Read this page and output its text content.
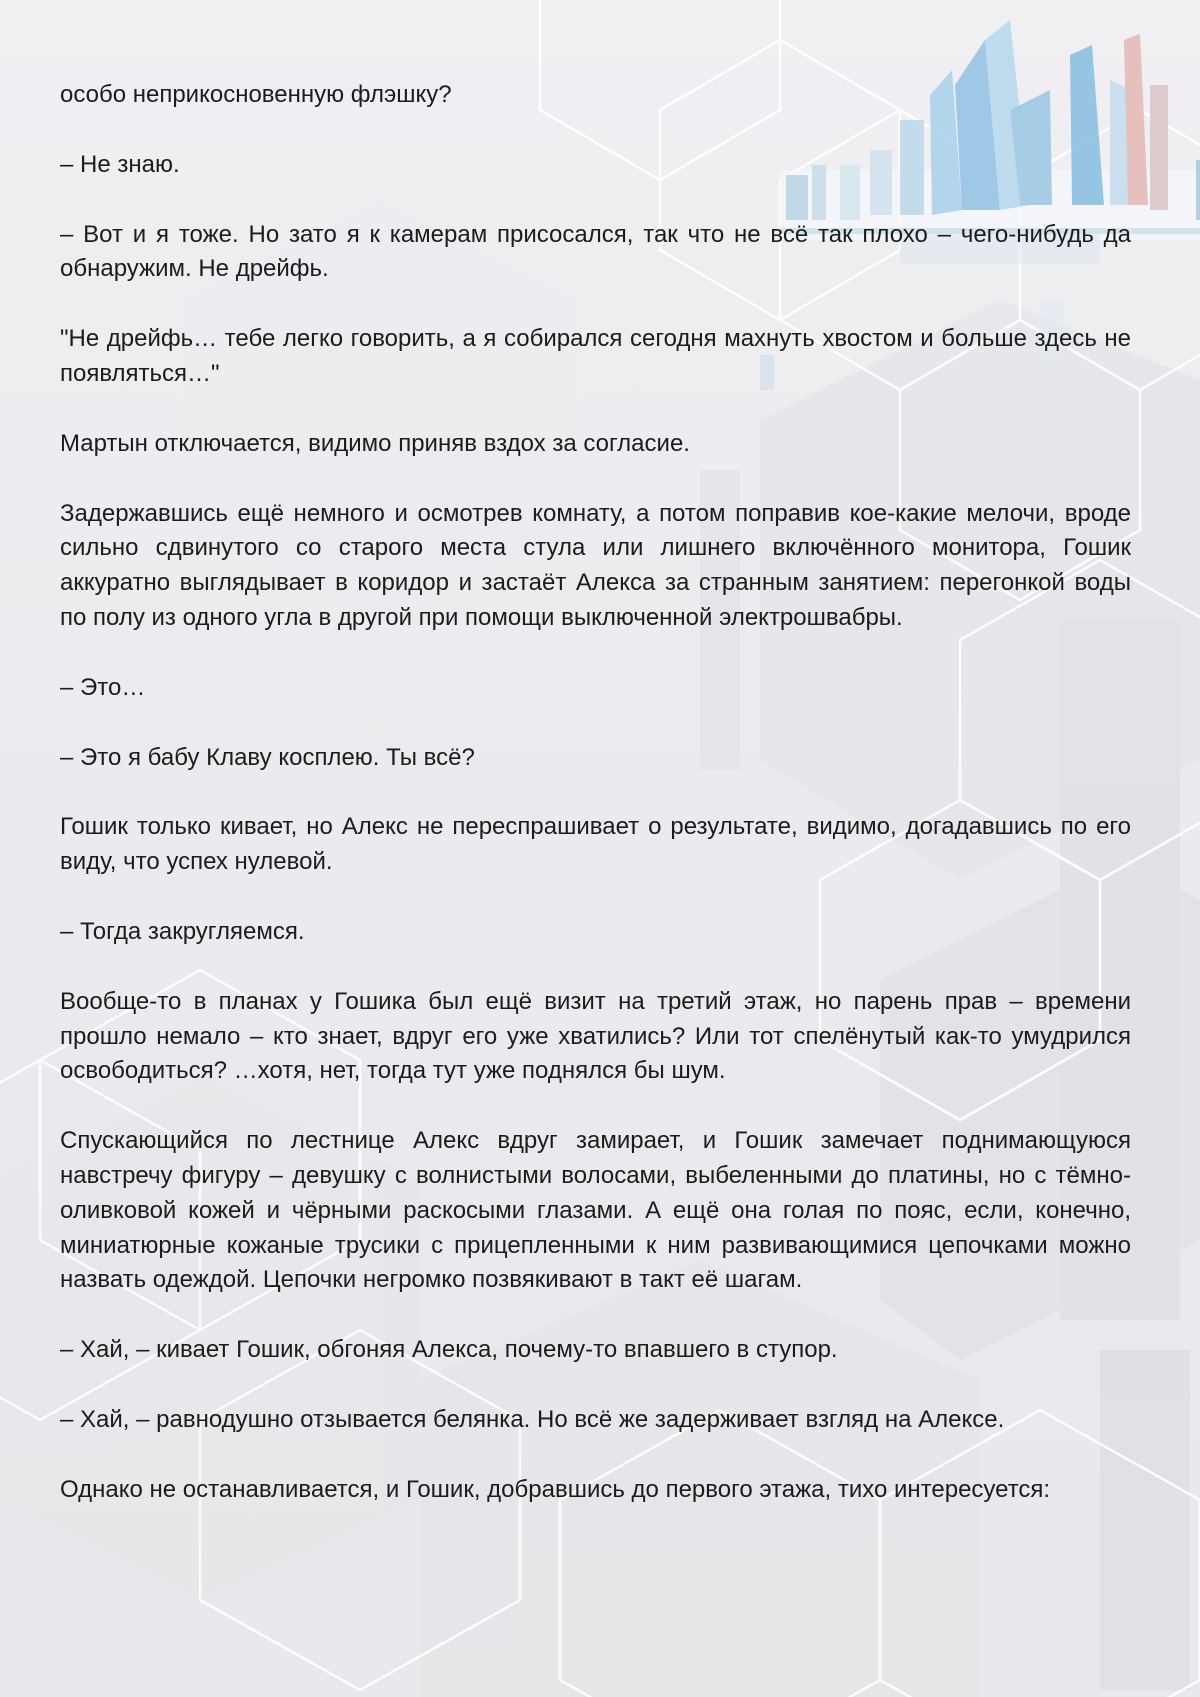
особо неприкосновенную флэшку?

– Не знаю.

– Вот и я тоже. Но зато я к камерам присосался, так что не всё так плохо – чего-нибудь да обнаружим. Не дрейфь.

"Не дрейфь… тебе легко говорить, а я собирался сегодня махнуть хвостом и больше здесь не появляться…"

Мартын отключается, видимо приняв вздох за согласие.

Задержавшись ещё немного и осмотрев комнату, а потом поправив кое-какие мелочи, вроде сильно сдвинутого со старого места стула или лишнего включённого монитора, Гошик аккуратно выглядывает в коридор и застаёт Алекса за странным занятием: перегонкой воды по полу из одного угла в другой при помощи выключенной электрошвабры.

– Это…

– Это я бабу Клаву косплею. Ты всё?

Гошик только кивает, но Алекс не переспрашивает о результате, видимо, догадавшись по его виду, что успех нулевой.

– Тогда закругляемся.

Вообще-то в планах у Гошика был ещё визит на третий этаж, но парень прав – времени прошло немало – кто знает, вдруг его уже хватились? Или тот спелёнутый как-то умудрился освободиться? …хотя, нет, тогда тут уже поднялся бы шум.

Спускающийся по лестнице Алекс вдруг замирает, и Гошик замечает поднимающуюся навстречу фигуру – девушку с волнистыми волосами, выбеленными до платины, но с тёмно-оливковой кожей и чёрными раскосыми глазами. А ещё она голая по пояс, если, конечно, миниатюрные кожаные трусики с прицепленными к ним развивающимися цепочками можно назвать одеждой. Цепочки негромко позвякивают в такт её шагам.

– Хай, – кивает Гошик, обгоняя Алекса, почему-то впавшего в ступор.

– Хай, – равнодушно отзывается белянка. Но всё же задерживает взгляд на Алексе.

Однако не останавливается, и Гошик, добравшись до первого этажа, тихо интересуется:
